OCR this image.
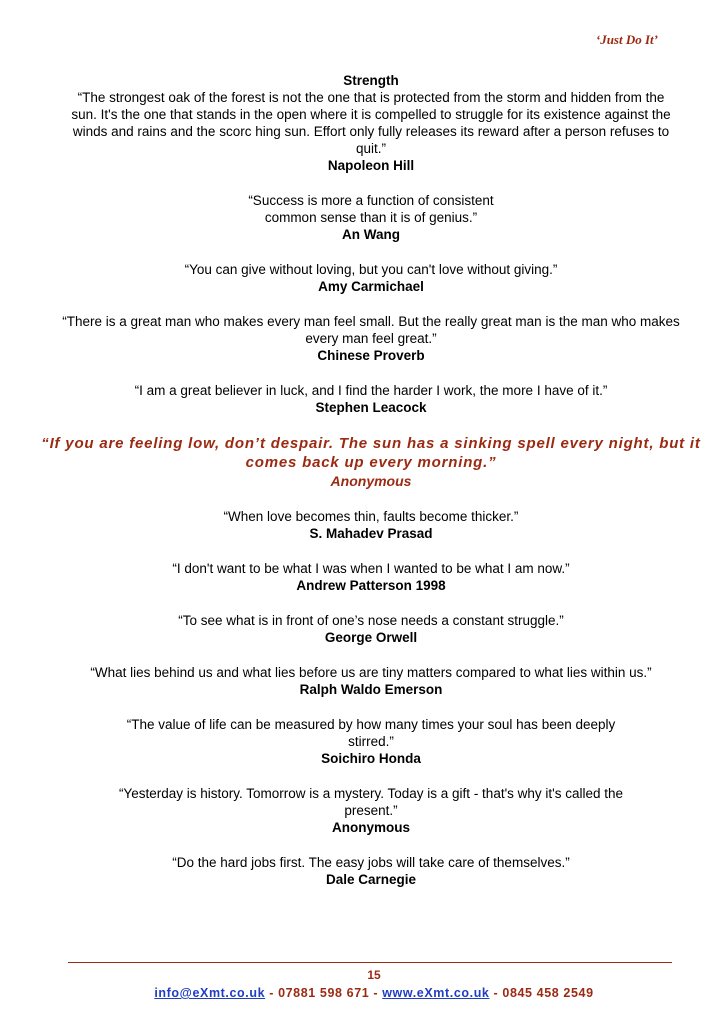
‘Just Do It’
Strength

“The strongest oak of the forest is not the one that is protected from the storm and hidden from the sun. It's the one that stands in the open where it is compelled to struggle for its existence against the winds and rains and the scorc hing sun. Effort only fully releases its reward after a person refuses to quit.”

Napoleon Hill

“Success is more a function of consistent common sense than it is of genius.”

An Wang

“You can give without loving, but you can't love without giving.”

Amy Carmichael

“There is a great man who makes every man feel small. But the really great man is the man who makes every man feel great.”

Chinese Proverb

“I am a great believer in luck, and I find the harder I work, the more I have of it.”

Stephen Leacock

“If you are feeling low, don’t despair. The sun has a sinking spell every night, but it comes back up every morning.”

Anonymous

“When love becomes thin, faults become thicker.”

S. Mahadev Prasad

“I don't want to be what I was when I wanted to be what I am now.”

Andrew Patterson 1998

“To see what is in front of one’s nose needs a constant struggle.”

George Orwell

“What lies behind us and what lies before us are tiny matters compared to what lies within us.”

Ralph Waldo Emerson

“The value of life can be measured by how many times your soul has been deeply stirred.”

Soichiro Honda

“Yesterday is history. Tomorrow is a mystery. Today is a gift - that's why it's called the present.”

Anonymous

“Do the hard jobs first. The easy jobs will take care of themselves.”

Dale Carnegie

15
info@eXmt.co.uk - 07881 598 671 - www.eXmt.co.uk - 0845 458 2549
